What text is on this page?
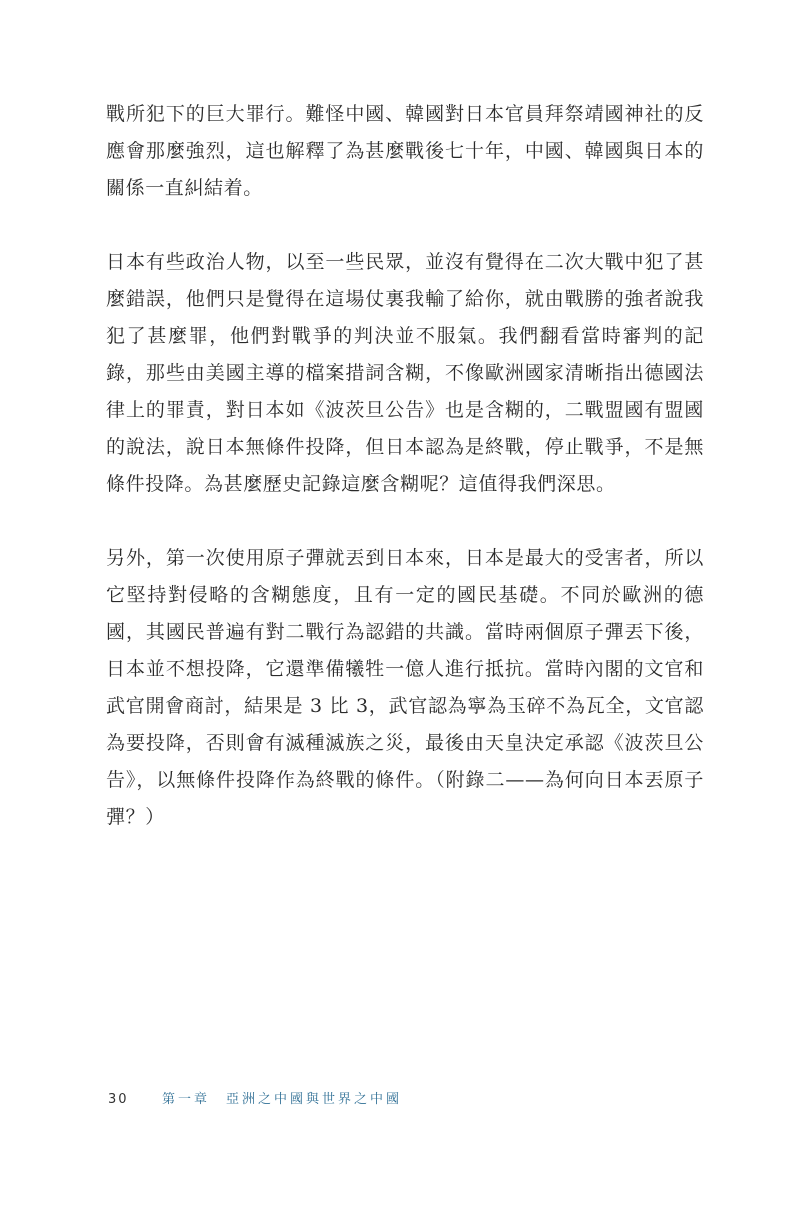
戰所犯下的巨大罪行。難怪中國、韓國對日本官員拜祭靖國神社的反應會那麼強烈，這也解釋了為甚麼戰後七十年，中國、韓國與日本的關係一直糾結着。

日本有些政治人物，以至一些民眾，並沒有覺得在二次大戰中犯了甚麼錯誤，他們只是覺得在這場仗裏我輸了給你，就由戰勝的強者說我犯了甚麼罪，他們對戰爭的判決並不服氣。我們翻看當時審判的記錄，那些由美國主導的檔案措詞含糊，不像歐洲國家清晰指出德國法律上的罪責，對日本如《波茨旦公告》也是含糊的，二戰盟國有盟國的說法，說日本無條件投降，但日本認為是終戰，停止戰爭，不是無條件投降。為甚麼歷史記錄這麼含糊呢？這值得我們深思。

另外，第一次使用原子彈就丟到日本來，日本是最大的受害者，所以它堅持對侵略的含糊態度，且有一定的國民基礎。不同於歐洲的德國，其國民普遍有對二戰行為認錯的共識。當時兩個原子彈丟下後，日本並不想投降，它還準備犧牲一億人進行抵抗。當時內閣的文官和武官開會商討，結果是 3 比 3，武官認為寧為玉碎不為瓦全，文官認為要投降，否則會有滅種滅族之災，最後由天皇決定承認《波茨旦公告》，以無條件投降作為終戰的條件。（附錄二——為何向日本丟原子彈？）

30	第一章　亞洲之中國與世界之中國
